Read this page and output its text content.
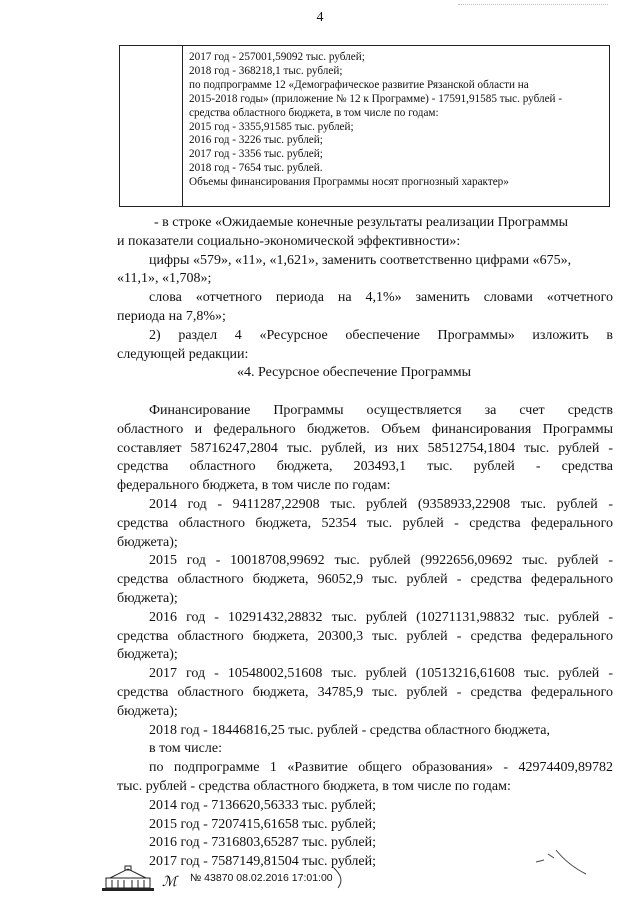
4
2017 год - 257001,59092 тыс. рублей;
2018 год - 368218,1 тыс. рублей;
по подпрограмме 12 «Демографическое развитие Рязанской области на
2015-2018 годы» (приложение № 12 к Программе) - 17591,91585 тыс. рублей -
средства областного бюджета, в том числе по годам:
2015 год - 3355,91585 тыс. рублей;
2016 год - 3226 тыс. рублей;
2017 год - 3356 тыс. рублей;
2018 год - 7654 тыс. рублей.
Объемы финансирования Программы носят прогнозный характер»
- в строке «Ожидаемые конечные результаты реализации Программы
и показатели социально-экономической эффективности»:
цифры «579», «11», «1,621», заменить соответственно цифрами «675»,
«11,1», «1,708»;
слова «отчетного периода на 4,1%» заменить словами «отчетного
периода на 7,8%»;
2) раздел 4 «Ресурсное обеспечение Программы» изложить в
следующей редакции:
«4. Ресурсное обеспечение Программы
Финансирование Программы осуществляется за счет средств
областного и федерального бюджетов. Объем финансирования Программы
составляет 58716247,2804 тыс. рублей, из них 58512754,1804 тыс. рублей -
средства областного бюджета, 203493,1 тыс. рублей - средства
федерального бюджета, в том числе по годам:
2014 год - 9411287,22908 тыс. рублей (9358933,22908 тыс. рублей -
средства областного бюджета, 52354 тыс. рублей - средства федерального
бюджета);
2015 год - 10018708,99692 тыс. рублей (9922656,09692 тыс. рублей -
средства областного бюджета, 96052,9 тыс. рублей - средства федерального
бюджета);
2016 год - 10291432,28832 тыс. рублей (10271131,98832 тыс. рублей -
средства областного бюджета, 20300,3 тыс. рублей - средства федерального
бюджета);
2017 год - 10548002,51608 тыс. рублей (10513216,61608 тыс. рублей -
средства областного бюджета, 34785,9 тыс. рублей - средства федерального
бюджета);
2018 год - 18446816,25 тыс. рублей - средства областного бюджета,
в том числе:
по подпрограмме 1 «Развитие общего образования» - 42974409,89782
тыс. рублей - средства областного бюджета, в том числе по годам:
2014 год - 7136620,56333 тыс. рублей;
2015 год - 7207415,61658 тыс. рублей;
2016 год - 7316803,65287 тыс. рублей;
2017 год - 7587149,81504 тыс. рублей;
ℳ № 43870 08.02.2016 17:01:00
